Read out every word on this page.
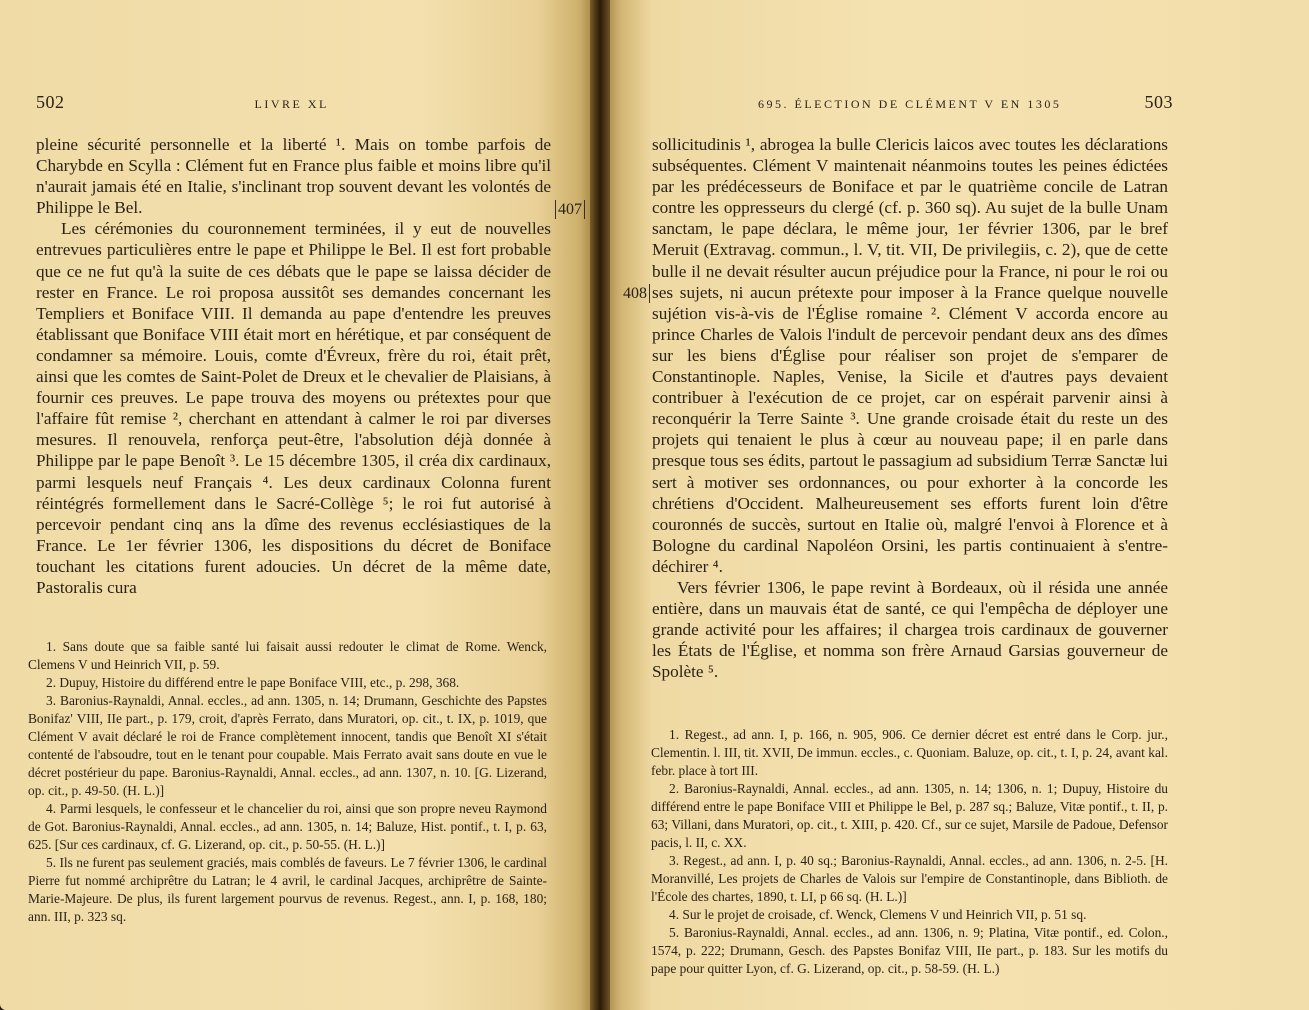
502	LIVRE XL

pleine sécurité personnelle et la liberté ¹. Mais on tombe parfois de Charybde en Scylla : Clément fut en France plus faible et moins libre qu'il n'aurait jamais été en Italie, s'inclinant trop souvent devant les volontés de Philippe le Bel.

Les cérémonies du couronnement terminées, il y eut de nouvelles entrevues particulières entre le pape et Philippe le Bel. Il est fort probable que ce ne fut qu'à la suite de ces débats que le pape se laissa décider de rester en France. Le roi proposa aussitôt ses demandes concernant les Templiers et Boniface VIII. Il demanda au pape d'entendre les preuves établissant que Boniface VIII était mort en hérétique, et par conséquent de condamner sa mémoire. Louis, comte d'Évreux, frère du roi, était prêt, ainsi que les comtes de Saint-Polet de Dreux et le chevalier de Plaisians, à fournir ces preuves. Le pape trouva des moyens ou prétextes pour que l'affaire fût remise ², cherchant en attendant à calmer le roi par diverses mesures. Il renouvela, renforça peut-être, l'absolution déjà donnée à Philippe par le pape Benoît ³. Le 15 décembre 1305, il créa dix cardinaux, parmi lesquels neuf Français ⁴. Les deux cardinaux Colonna furent réintégrés formellement dans le Sacré-Collège ⁵; le roi fut autorisé à percevoir pendant cinq ans la dîme des revenus ecclésiastiques de la France. Le 1er février 1306, les dispositions du décret de Boniface touchant les citations furent adoucies. Un décret de la même date, Pastoralis cura

407

1. Sans doute que sa faible santé lui faisait aussi redouter le climat de Rome. Wenck, Clemens V und Heinrich VII, p. 59.

2. Dupuy, Histoire du différend entre le pape Boniface VIII, etc., p. 298, 368.

3. Baronius-Raynaldi, Annal. eccles., ad ann. 1305, n. 14; Drumann, Geschichte des Papstes Bonifaz' VIII, IIe part., p. 179, croit, d'après Ferrato, dans Muratori, op. cit., t. IX, p. 1019, que Clément V avait déclaré le roi de France complètement innocent, tandis que Benoît XI s'était contenté de l'absoudre, tout en le tenant pour coupable. Mais Ferrato avait sans doute en vue le décret postérieur du pape. Baronius-Raynaldi, Annal. eccles., ad ann. 1307, n. 10. [G. Lizerand, op. cit., p. 49-50. (H. L.)]

4. Parmi lesquels, le confesseur et le chancelier du roi, ainsi que son propre neveu Raymond de Got. Baronius-Raynaldi, Annal. eccles., ad ann. 1305, n. 14; Baluze, Hist. pontif., t. I, p. 63, 625. [Sur ces cardinaux, cf. G. Lizerand, op. cit., p. 50-55. (H. L.)]

5. Ils ne furent pas seulement graciés, mais comblés de faveurs. Le 7 février 1306, le cardinal Pierre fut nommé archiprêtre du Latran; le 4 avril, le cardinal Jacques, archiprêtre de Sainte-Marie-Majeure. De plus, ils furent largement pourvus de revenus. Regest., ann. I, p. 168, 180; ann. III, p. 323 sq.

695. ÉLECTION DE CLÉMENT V EN 1305	503
408

sollicitudinis ¹, abrogea la bulle Clericis laicos avec toutes les déclarations subséquentes. Clément V maintenait néanmoins toutes les peines édictées par les prédécesseurs de Boniface et par le quatrième concile de Latran contre les oppresseurs du clergé (cf. p. 360 sq). Au sujet de la bulle Unam sanctam, le pape déclara, le même jour, 1er février 1306, par le bref Meruit (Extravag. commun., l. V, tit. VII, De privilegiis, c. 2), que de cette bulle il ne devait résulter aucun préjudice pour la France, ni pour le roi ou ses sujets, ni aucun prétexte pour imposer à la France quelque nouvelle sujétion vis-à-vis de l'Église romaine ². Clément V accorda encore au prince Charles de Valois l'indult de percevoir pendant deux ans des dîmes sur les biens d'Église pour réaliser son projet de s'emparer de Constantinople. Naples, Venise, la Sicile et d'autres pays devaient contribuer à l'exécution de ce projet, car on espérait parvenir ainsi à reconquérir la Terre Sainte ³. Une grande croisade était du reste un des projets qui tenaient le plus à cœur au nouveau pape; il en parle dans presque tous ses édits, partout le passagium ad subsidium Terræ Sanctæ lui sert à motiver ses ordonnances, ou pour exhorter à la concorde les chrétiens d'Occident. Malheureusement ses efforts furent loin d'être couronnés de succès, surtout en Italie où, malgré l'envoi à Florence et à Bologne du cardinal Napoléon Orsini, les partis continuaient à s'entre-déchirer ⁴.

Vers février 1306, le pape revint à Bordeaux, où il résida une année entière, dans un mauvais état de santé, ce qui l'empêcha de déployer une grande activité pour les affaires; il chargea trois cardinaux de gouverner les États de l'Église, et nomma son frère Arnaud Garsias gouverneur de Spolète ⁵.

1. Regest., ad ann. I, p. 166, n. 905, 906. Ce dernier décret est entré dans le Corp. jur., Clementin. l. III, tit. XVII, De immun. eccles., c. Quoniam. Baluze, op. cit., t. I, p. 24, avant kal. febr. place à tort III.

2. Baronius-Raynaldi, Annal. eccles., ad ann. 1305, n. 14; 1306, n. 1; Dupuy, Histoire du différend entre le pape Boniface VIII et Philippe le Bel, p. 287 sq.; Baluze, Vitæ pontif., t. II, p. 63; Villani, dans Muratori, op. cit., t. XIII, p. 420. Cf., sur ce sujet, Marsile de Padoue, Defensor pacis, l. II, c. XX.

3. Regest., ad ann. I, p. 40 sq.; Baronius-Raynaldi, Annal. eccles., ad ann. 1306, n. 2-5. [H. Moranvillé, Les projets de Charles de Valois sur l'empire de Constantinople, dans Biblioth. de l'École des chartes, 1890, t. LI, p 66 sq. (H. L.)]

4. Sur le projet de croisade, cf. Wenck, Clemens V und Heinrich VII, p. 51 sq.

5. Baronius-Raynaldi, Annal. eccles., ad ann. 1306, n. 9; Platina, Vitæ pontif., ed. Colon., 1574, p. 222; Drumann, Gesch. des Papstes Bonifaz VIII, IIe part., p. 183. Sur les motifs du pape pour quitter Lyon, cf. G. Lizerand, op. cit., p. 58-59. (H. L.)
